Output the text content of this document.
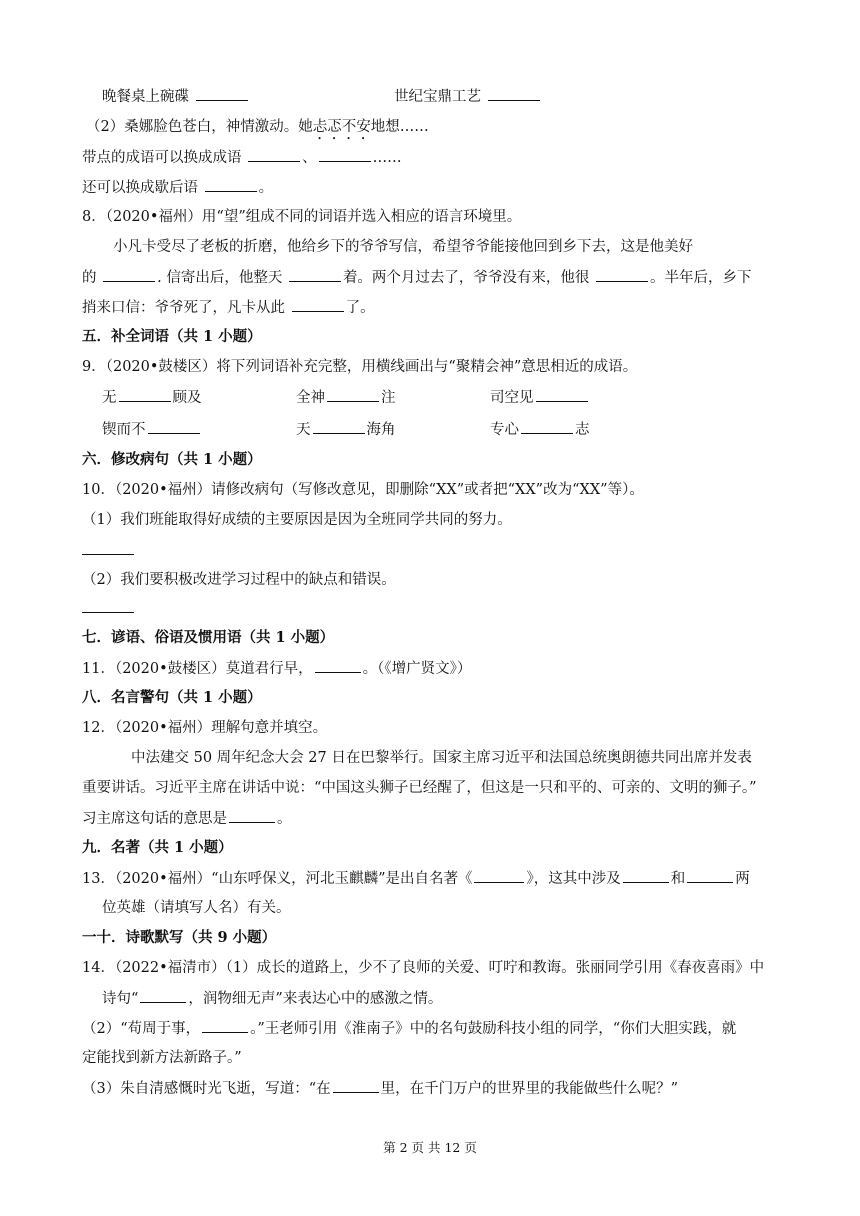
晚餐桌上碗碟	世纪宝鼎工艺
（2）桑娜脸色苍白，神情激动。她忐忑不安地想……
带点的成语可以换成成语	、	……
还可以换成歇后语	。
8．（2020•福州）用“望”组成不同的词语并选入相应的语言环境里。
小凡卡受尽了老板的折磨，他给乡下的爷爷写信，希望爷爷能接他回到乡下去，这是他美好
的	. 信寄出后，他整天	着。两个月过去了，爷爷没有来，他很	。半年后，乡下
捎来口信：爷爷死了，凡卡从此	了。
五．补全词语（共 1 小题）
9．（2020•鼓楼区）将下列词语补充完整，用横线画出与“聚精会神”意思相近的成语。
无	顾及	全神	注	司空见
锲而不	天	海角	专心	志
六．修改病句（共 1 小题）
10．（2020•福州）请修改病句（写修改意见，即删除“XX”或者把“XX”改为“XX”等）。
（1）我们班能取得好成绩的主要原因是因为全班同学共同的努力。
（2）我们要积极改进学习过程中的缺点和错误。
七．谚语、俗语及惯用语（共 1 小题）
11．（2020•鼓楼区）莫道君行早，	。（《增广贤文》）
八．名言警句（共 1 小题）
12．（2020•福州）理解句意并填空。
中法建交 50 周年纪念大会 27 日在巴黎举行。国家主席习近平和法国总统奥朗德共同出席并发表
重要讲话。习近平主席在讲话中说：“中国这头狮子已经醒了，但这是一只和平的、可亲的、文明的狮子。”
习主席这句话的意思是	。
九．名著（共 1 小题）
13．（2020•福州）“山东呼保义，河北玉麒麟”是出自名著《	》，这其中涉及	和	两
位英雄（请填写人名）有关。
一十．诗歌默写（共 9 小题）
14．（2022•福清市）（1）成长的道路上，少不了良师的关爱、叮咛和教诲。张丽同学引用《春夜喜雨》中
诗句“	，润物细无声”来表达心中的感激之情。
（2）“苟周于事，	。”王老师引用《淮南子》中的名句鼓励科技小组的同学，“你们大胆实践，就
定能找到新方法新路子。”
（3）朱自清感慨时光飞逝，写道：“在	里，在千门万户的世界里的我能做些什么呢？”
第 2 页 共 12 页
